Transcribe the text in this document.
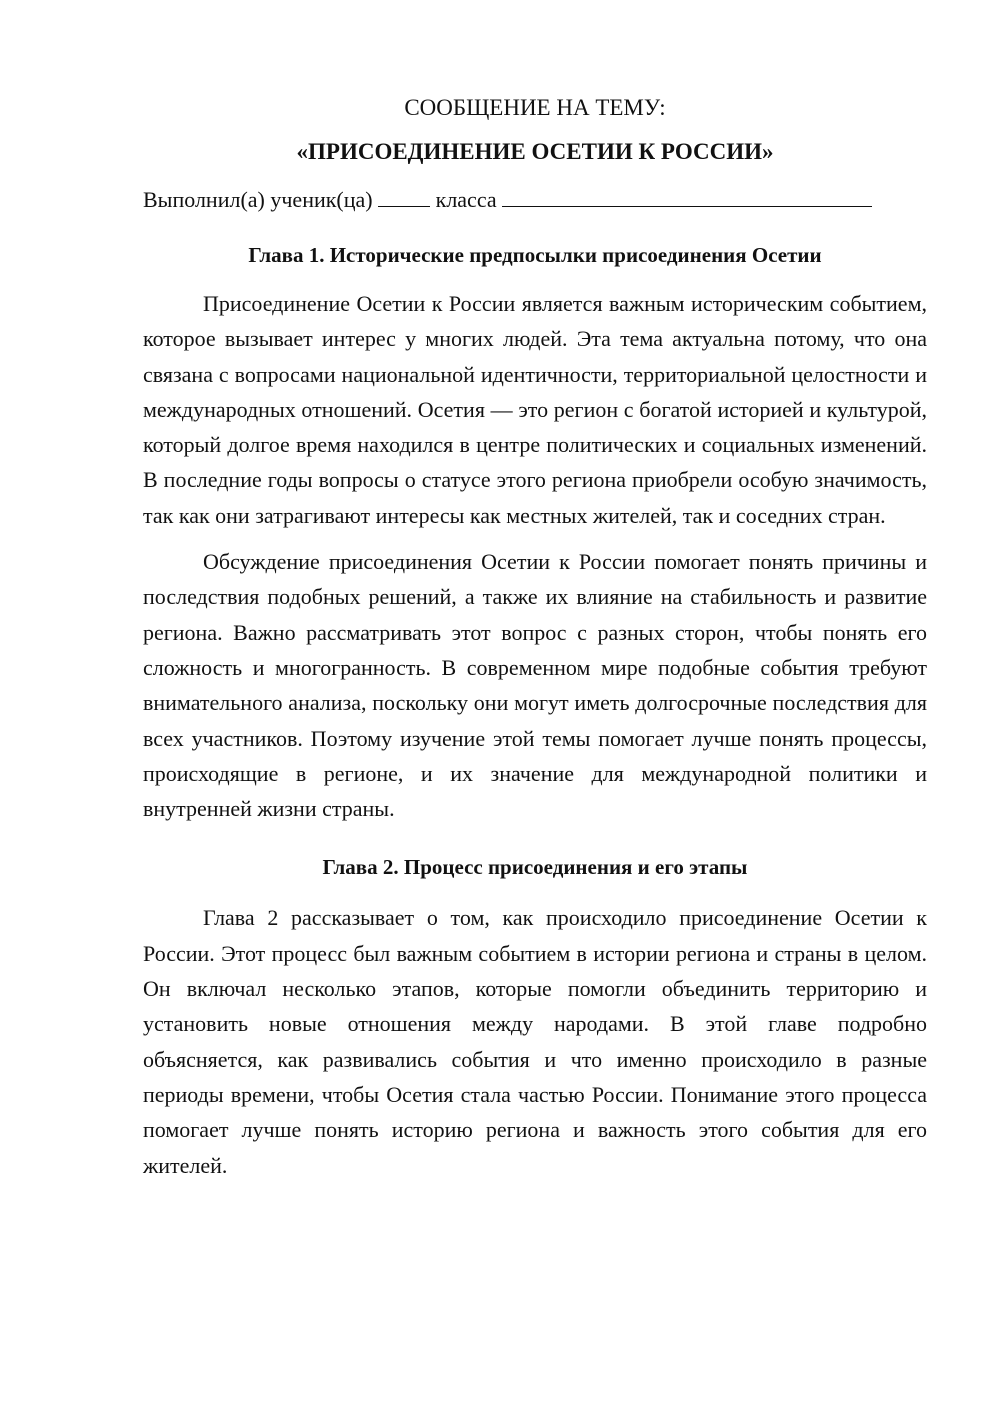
СООБЩЕНИЕ НА ТЕМУ:

«ПРИСОЕДИНЕНИЕ ОСЕТИИ К РОССИИ»

Выполнил(а) ученик(ца)	класса

Глава 1. Исторические предпосылки присоединения Осетии

Присоединение Осетии к России является важным историческим событием, которое вызывает интерес у многих людей. Эта тема актуальна потому, что она связана с вопросами национальной идентичности, территориальной целостности и международных отношений. Осетия — это регион с богатой историей и культурой, который долгое время находился в центре политических и социальных изменений. В последние годы вопросы о статусе этого региона приобрели особую значимость, так как они затрагивают интересы как местных жителей, так и соседних стран.

Обсуждение присоединения Осетии к России помогает понять причины и последствия подобных решений, а также их влияние на стабильность и развитие региона. Важно рассматривать этот вопрос с разных сторон, чтобы понять его сложность и многогранность. В современном мире подобные события требуют внимательного анализа, поскольку они могут иметь долгосрочные последствия для всех участников. Поэтому изучение этой темы помогает лучше понять процессы, происходящие в регионе, и их значение для международной политики и внутренней жизни страны.

Глава 2. Процесс присоединения и его этапы

Глава 2 рассказывает о том, как происходило присоединение Осетии к России. Этот процесс был важным событием в истории региона и страны в целом. Он включал несколько этапов, которые помогли объединить территорию и установить новые отношения между народами. В этой главе подробно объясняется, как развивались события и что именно происходило в разные периоды времени, чтобы Осетия стала частью России. Понимание этого процесса помогает лучше понять историю региона и важность этого события для его жителей.
